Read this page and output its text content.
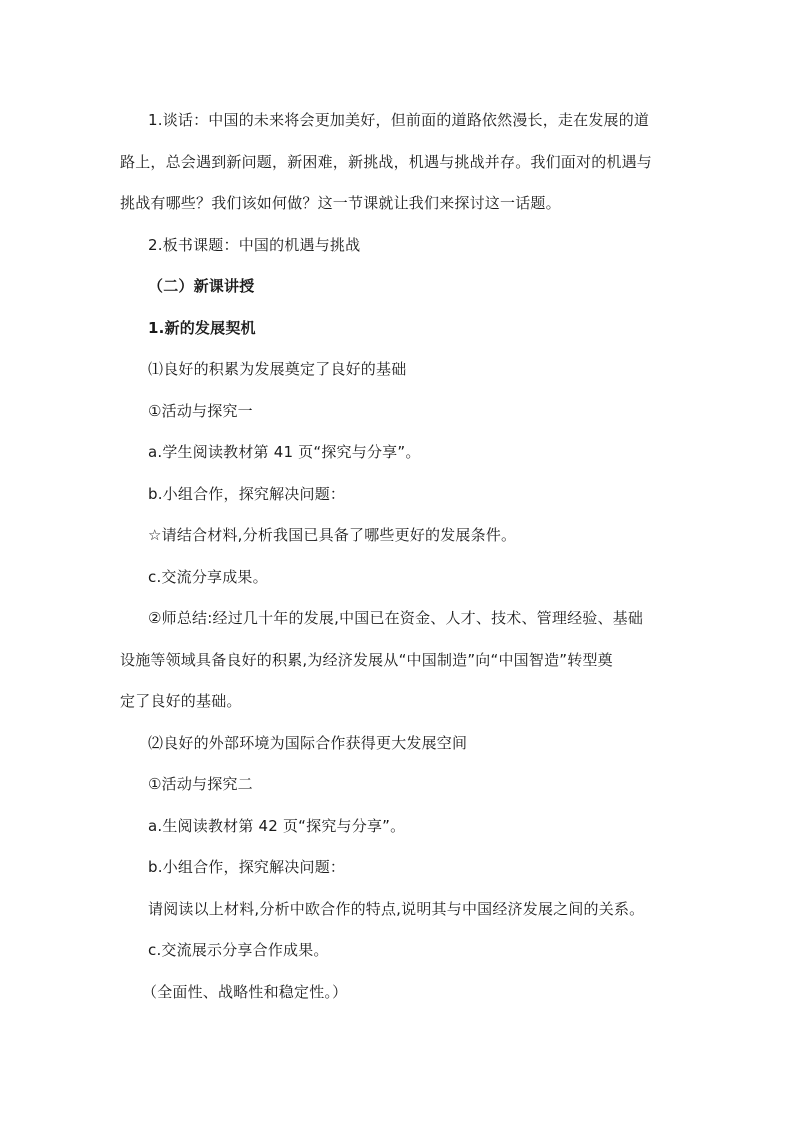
1.谈话：中国的未来将会更加美好，但前面的道路依然漫长，走在发展的道
路上，总会遇到新问题，新困难，新挑战，机遇与挑战并存。我们面对的机遇与
挑战有哪些？我们该如何做？这一节课就让我们来探讨这一话题。
2.板书课题：中国的机遇与挑战
（二）新课讲授
1.新的发展契机
⑴良好的积累为发展奠定了良好的基础
①活动与探究一
a.学生阅读教材第 41 页“探究与分享”。
b.小组合作，探究解决问题：
☆请结合材料,分析我国已具备了哪些更好的发展条件。
c.交流分享成果。
②师总结:经过几十年的发展,中国已在资金、人才、技术、管理经验、基础
设施等领域具备良好的积累,为经济发展从“中国制造”向“中国智造”转型奠
定了良好的基础。
⑵良好的外部环境为国际合作获得更大发展空间
①活动与探究二
a.生阅读教材第 42 页“探究与分享”。
b.小组合作，探究解决问题：
请阅读以上材料,分析中欧合作的特点,说明其与中国经济发展之间的关系。
c.交流展示分享合作成果。
（全面性、战略性和稳定性。）
